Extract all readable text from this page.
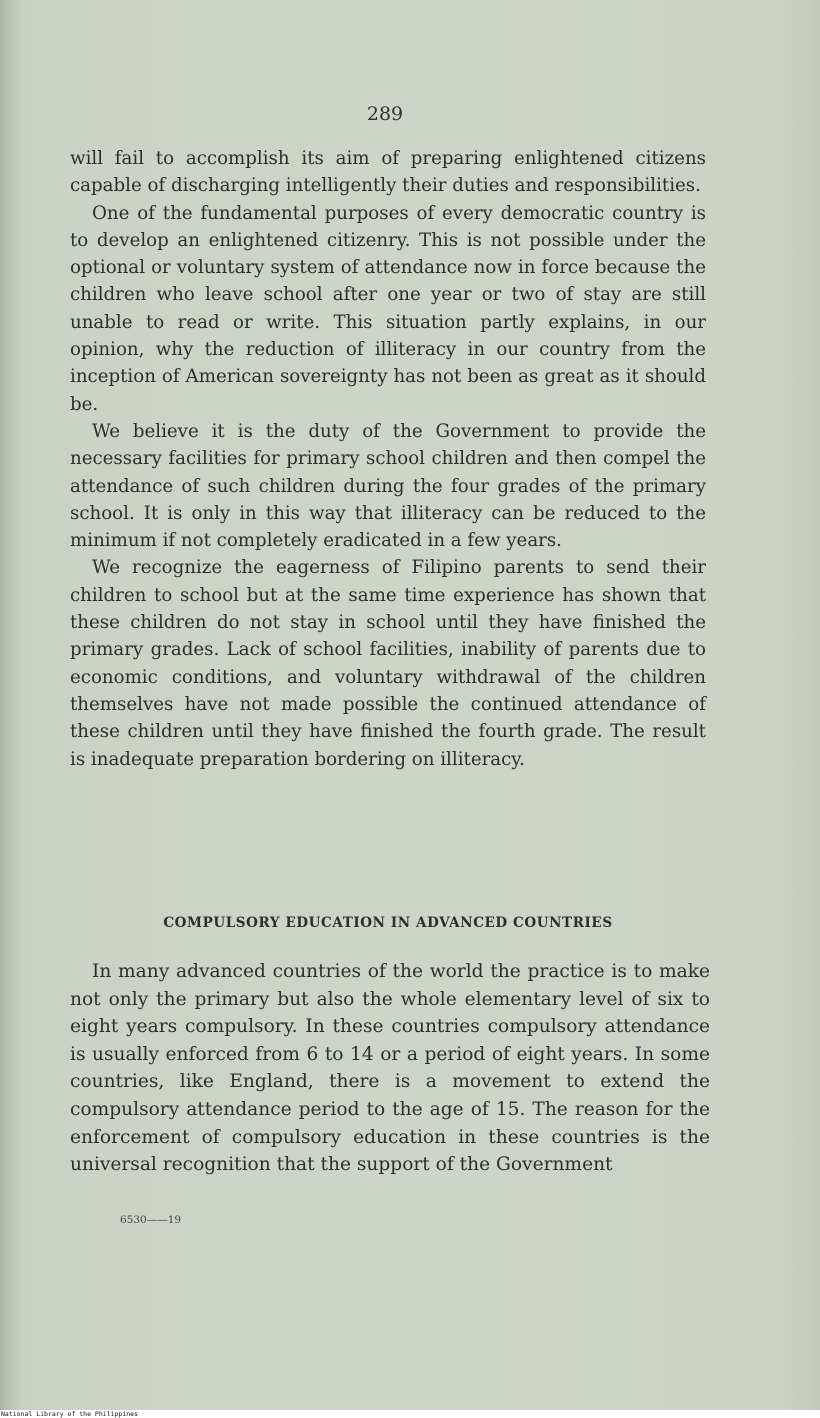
289

will fail to accomplish its aim of preparing enlightened citizens capable of discharging intelligently their duties and responsibilities.

One of the fundamental purposes of every democratic country is to develop an enlightened citizenry. This is not possible under the optional or voluntary system of attendance now in force because the children who leave school after one year or two of stay are still unable to read or write. This situation partly explains, in our opinion, why the reduction of illiteracy in our country from the inception of American sovereignty has not been as great as it should be.

We believe it is the duty of the Government to provide the necessary facilities for primary school children and then compel the attendance of such children during the four grades of the primary school. It is only in this way that illiteracy can be reduced to the minimum if not completely eradicated in a few years.

We recognize the eagerness of Filipino parents to send their children to school but at the same time experience has shown that these children do not stay in school until they have finished the primary grades. Lack of school facilities, inability of parents due to economic conditions, and voluntary withdrawal of the children themselves have not made possible the continued attendance of these children until they have finished the fourth grade. The result is inadequate preparation bordering on illiteracy.

COMPULSORY EDUCATION IN ADVANCED COUNTRIES

In many advanced countries of the world the practice is to make not only the primary but also the whole elementary level of six to eight years compulsory. In these countries compulsory attendance is usually enforced from 6 to 14 or a period of eight years. In some countries, like England, there is a movement to extend the compulsory attendance period to the age of 15. The reason for the enforcement of compulsory education in these countries is the universal recognition that the support of the Government

6530——19

National Library of the Philippines
